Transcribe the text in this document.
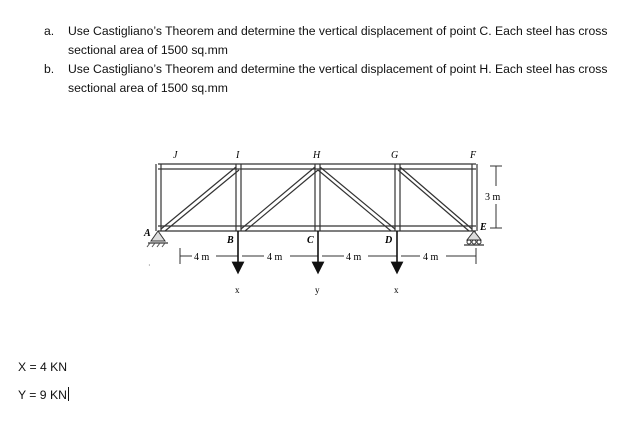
a. Use Castigliano’s Theorem and determine the vertical displacement of point C. Each steel has cross sectional area of 1500 sq.mm
b. Use Castigliano’s Theorem and determine the vertical displacement of point H. Each steel has cross sectional area of 1500 sq.mm
J	I	H	G	F
A
B	C	D
E
3 m
·
4 m	4 m	4 m	4 m
x	y	x
X = 4 KN
Y = 9 KN
